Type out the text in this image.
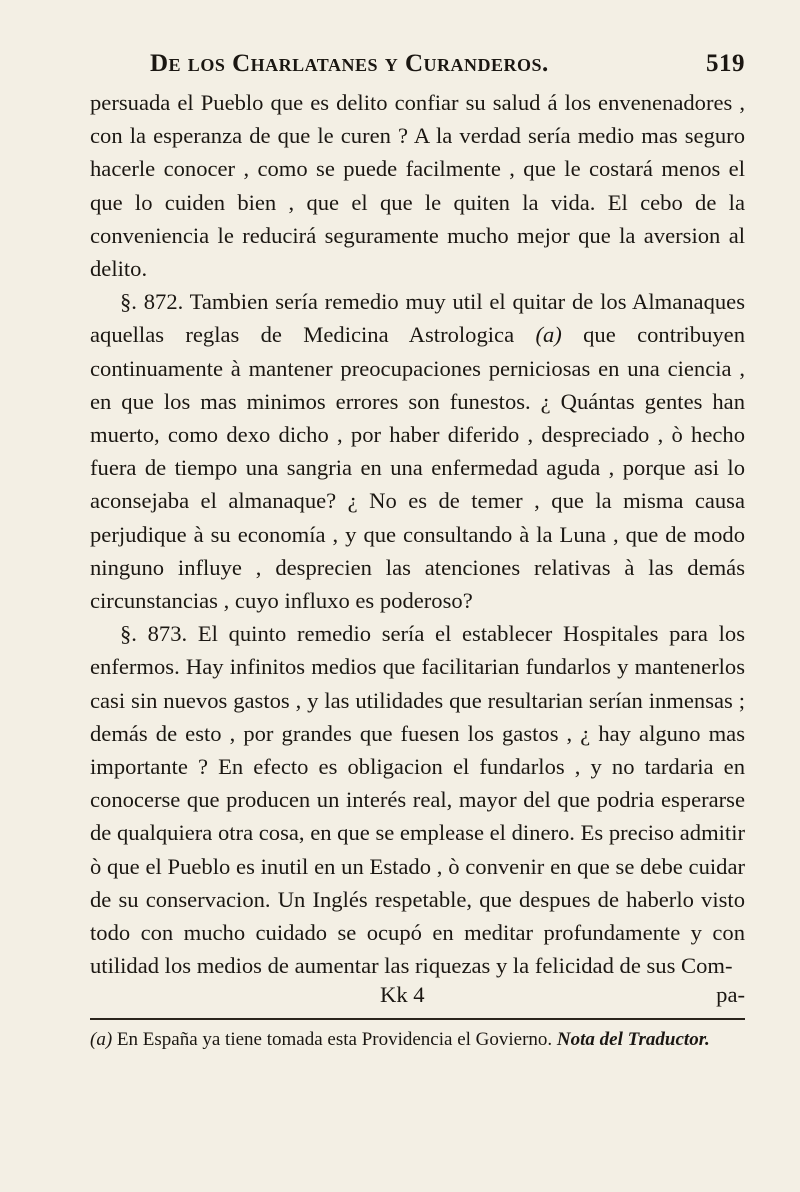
De los Charlatanes y Curanderos.	519

persuada el Pueblo que es delito confiar su salud á los envenenadores , con la esperanza de que le curen ? A la verdad sería medio mas seguro hacerle conocer , como se puede facilmente , que le costará menos el que lo cuiden bien , que el que le quiten la vida. El cebo de la conveniencia le reducirá seguramente mucho mejor que la aversion al delito.

§. 872. Tambien sería remedio muy util el quitar de los Almanaques aquellas reglas de Medicina Astrologica (a) que contribuyen continuamente à mantener preocupaciones perniciosas en una ciencia , en que los mas minimos errores son funestos. ¿ Quántas gentes han muerto, como dexo dicho , por haber diferido , despreciado , ò hecho fuera de tiempo una sangria en una enfermedad aguda , porque asi lo aconsejaba el almanaque? ¿ No es de temer , que la misma causa perjudique à su economía , y que consultando à la Luna , que de modo ninguno influye , desprecien las atenciones relativas à las demás circunstancias , cuyo influxo es poderoso?

§. 873. El quinto remedio sería el establecer Hospitales para los enfermos. Hay infinitos medios que facilitarian fundarlos y mantenerlos casi sin nuevos gastos , y las utilidades que resultarian serían inmensas ; demás de esto , por grandes que fuesen los gastos , ¿ hay alguno mas importante ? En efecto es obligacion el fundarlos , y no tardaria en conocerse que producen un interés real, mayor del que podria esperarse de qualquiera otra cosa, en que se emplease el dinero. Es preciso admitir ò que el Pueblo es inutil en un Estado , ò convenir en que se debe cuidar de su conservacion. Un Inglés respetable, que despues de haberlo visto todo con mucho cuidado se ocupó en meditar profundamente y con utilidad los medios de aumentar las riquezas y la felicidad de sus Com-

Kk 4	pa-

(a) En España ya tiene tomada esta Providencia el Govierno. Nota del Traductor.
